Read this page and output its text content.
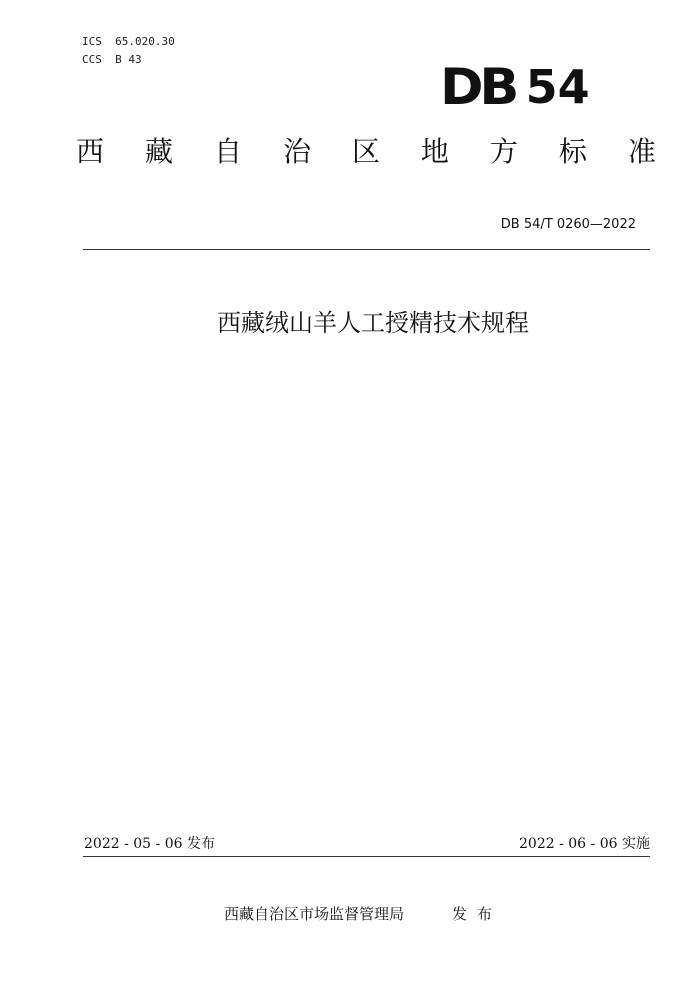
ICS  65.020.30
CCS  B 43	DB 54
西 藏 自 治 区 地 方 标 准
DB 54/T 0260—2022
西藏绒山羊人工授精技术规程
2022 - 05 - 06 发布	2022 - 06 - 06 实施
西藏自治区市场监督管理局	发布
